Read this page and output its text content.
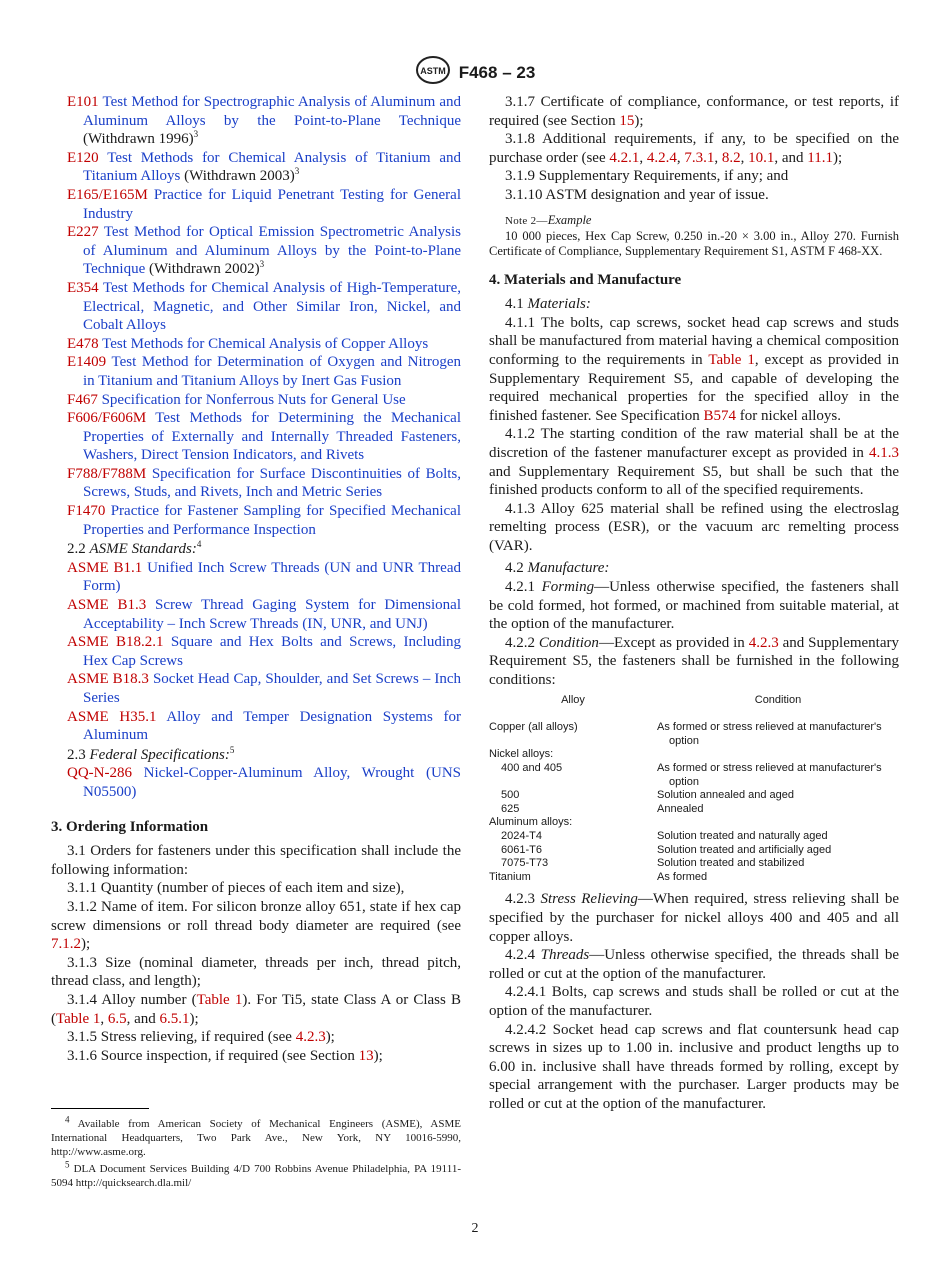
ASTM F468 – 23
E101 Test Method for Spectrographic Analysis of Aluminum and Aluminum Alloys by the Point-to-Plane Technique (Withdrawn 1996)$^3$
E120 Test Methods for Chemical Analysis of Titanium and Titanium Alloys (Withdrawn 2003)$^3$
E165/E165M Practice for Liquid Penetrant Testing for General Industry
E227 Test Method for Optical Emission Spectrometric Analysis of Aluminum and Aluminum Alloys by the Point-to-Plane Technique (Withdrawn 2002)$^3$
E354 Test Methods for Chemical Analysis of High-Temperature, Electrical, Magnetic, and Other Similar Iron, Nickel, and Cobalt Alloys
E478 Test Methods for Chemical Analysis of Copper Alloys
E1409 Test Method for Determination of Oxygen and Nitrogen in Titanium and Titanium Alloys by Inert Gas Fusion
F467 Specification for Nonferrous Nuts for General Use
F606/F606M Test Methods for Determining the Mechanical Properties of Externally and Internally Threaded Fasteners, Washers, Direct Tension Indicators, and Rivets
F788/F788M Specification for Surface Discontinuities of Bolts, Screws, Studs, and Rivets, Inch and Metric Series
F1470 Practice for Fastener Sampling for Specified Mechanical Properties and Performance Inspection
2.2 ASME Standards:$^4$
ASME B1.1 Unified Inch Screw Threads (UN and UNR Thread Form)
ASME B1.3 Screw Thread Gaging System for Dimensional Acceptability – Inch Screw Threads (IN, UNR, and UNJ)
ASME B18.2.1 Square and Hex Bolts and Screws, Including Hex Cap Screws
ASME B18.3 Socket Head Cap, Shoulder, and Set Screws – Inch Series
ASME H35.1 Alloy and Temper Designation Systems for Aluminum
2.3 Federal Specifications:$^5$
QQ-N-286 Nickel-Copper-Aluminum Alloy, Wrought (UNS N05500)
3. Ordering Information
3.1 Orders for fasteners under this specification shall include the following information:
3.1.1 Quantity (number of pieces of each item and size),
3.1.2 Name of item. For silicon bronze alloy 651, state if hex cap screw dimensions or roll thread body diameter are required (see 7.1.2);
3.1.3 Size (nominal diameter, threads per inch, thread pitch, thread class, and length);
3.1.4 Alloy number (Table 1). For Ti5, state Class A or Class B (Table 1, 6.5, and 6.5.1);
3.1.5 Stress relieving, if required (see 4.2.3);
3.1.6 Source inspection, if required (see Section 13);
$^4$ Available from American Society of Mechanical Engineers (ASME), ASME International Headquarters, Two Park Ave., New York, NY 10016-5990, http://www.asme.org.
$^5$ DLA Document Services Building 4/D 700 Robbins Avenue Philadelphia, PA 19111-5094 http://quicksearch.dla.mil/
3.1.7 Certificate of compliance, conformance, or test reports, if required (see Section 15);
3.1.8 Additional requirements, if any, to be specified on the purchase order (see 4.2.1, 4.2.4, 7.3.1, 8.2, 10.1, and 11.1);
3.1.9 Supplementary Requirements, if any; and
3.1.10 ASTM designation and year of issue.
Note 2—Example
10 000 pieces, Hex Cap Screw, 0.250 in.-20 × 3.00 in., Alloy 270. Furnish Certificate of Compliance, Supplementary Requirement S1, ASTM F 468-XX.
4. Materials and Manufacture
4.1 Materials:
4.1.1 The bolts, cap screws, socket head cap screws and studs shall be manufactured from material having a chemical composition conforming to the requirements in Table 1, except as provided in Supplementary Requirement S5, and capable of developing the required mechanical properties for the specified alloy in the finished fastener. See Specification B574 for nickel alloys.
4.1.2 The starting condition of the raw material shall be at the discretion of the fastener manufacturer except as provided in 4.1.3 and Supplementary Requirement S5, but shall be such that the finished products conform to all of the specified requirements.
4.1.3 Alloy 625 material shall be refined using the electroslag remelting process (ESR), or the vacuum arc remelting process (VAR).
4.2 Manufacture:
4.2.1 Forming—Unless otherwise specified, the fasteners shall be cold formed, hot formed, or machined from suitable material, at the option of the manufacturer.
4.2.2 Condition—Except as provided in 4.2.3 and Supplementary Requirement S5, the fasteners shall be furnished in the following conditions:
Alloy	Condition
Copper (all alloys)	As formed or stress relieved at manufacturer's option
Nickel alloys:	
400 and 405	As formed or stress relieved at manufacturer's option
500	Solution annealed and aged
625	Annealed
Aluminum alloys:	
2024-T4	Solution treated and naturally aged
6061-T6	Solution treated and artificially aged
7075-T73	Solution treated and stabilized
Titanium	As formed
4.2.3 Stress Relieving—When required, stress relieving shall be specified by the purchaser for nickel alloys 400 and 405 and all copper alloys.
4.2.4 Threads—Unless otherwise specified, the threads shall be rolled or cut at the option of the manufacturer.
4.2.4.1 Bolts, cap screws and studs shall be rolled or cut at the option of the manufacturer.
4.2.4.2 Socket head cap screws and flat countersunk head cap screws in sizes up to 1.00 in. inclusive and product lengths up to 6.00 in. inclusive shall have threads formed by rolling, except by special arrangement with the purchaser. Larger products may be rolled or cut at the option of the manufacturer.
2
